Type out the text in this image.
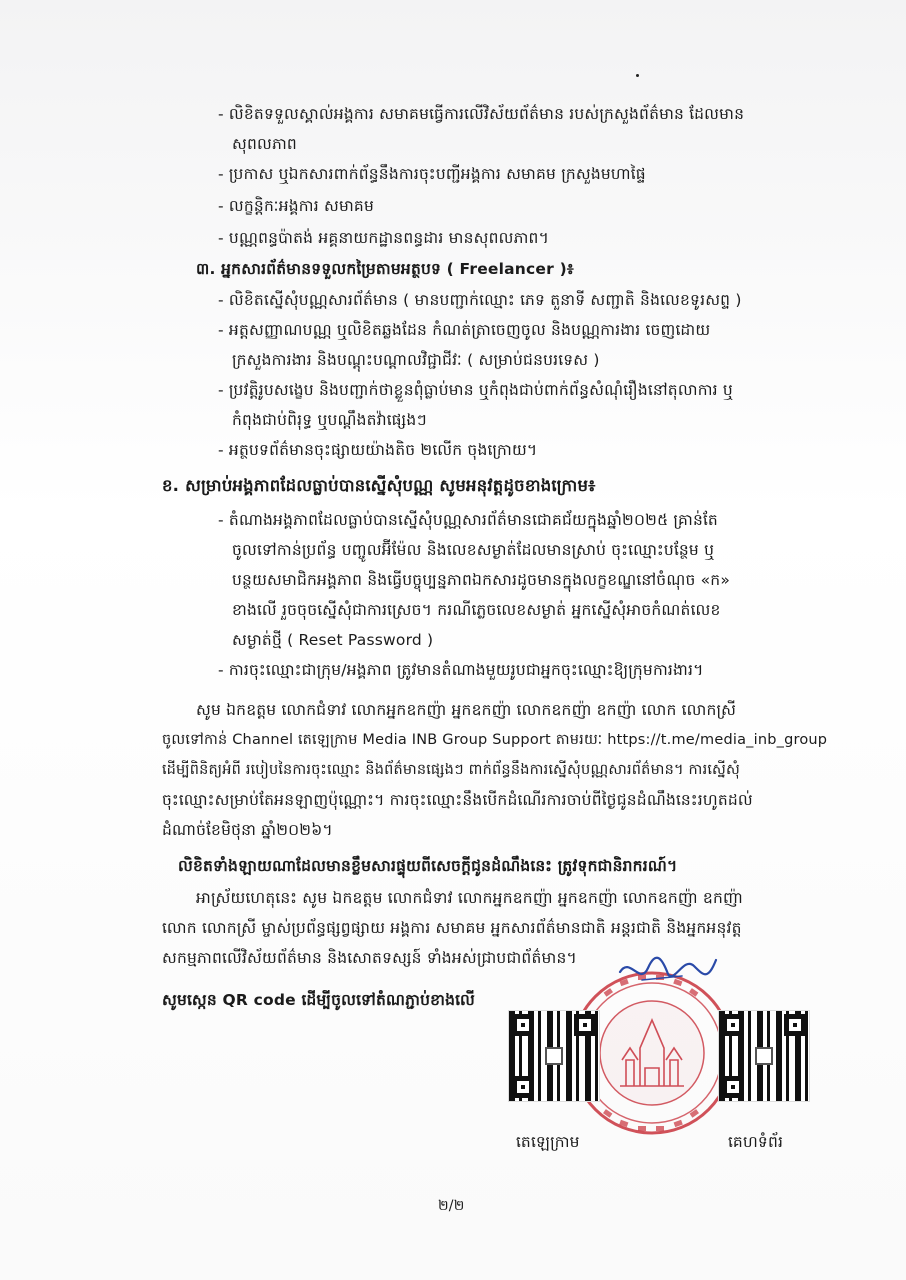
- លិខិតទទួលស្គាល់អង្គការ សមាគមធ្វើការលើវិស័យព័ត៌មាន របស់ក្រសួងព័ត៌មាន ដែលមាន

សុពលភាព

- ប្រកាស ឬឯកសារពាក់ព័ន្ធនឹងការចុះបញ្ជីអង្គការ សមាគម ក្រសួងមហាផ្ទៃ

- លក្ខន្តិកៈអង្គការ សមាគម

- បណ្ណពន្ធប៉ាតង់ អគ្គនាយកដ្ឋានពន្ធដារ មានសុពលភាព។

៣. អ្នកសារព័ត៌មានទទួលកម្រៃតាមអត្ថបទ ( Freelancer )៖

- លិខិតស្នើសុំបណ្ណសារព័ត៌មាន ( មានបញ្ជាក់ឈ្មោះ ភេទ តួនាទី សញ្ជាតិ និងលេខទូរសព្ទ )

- អត្តសញ្ញាណបណ្ណ ឬលិខិតឆ្លងដែន កំណត់ត្រាចេញចូល និងបណ្ណការងារ ចេញដោយ

ក្រសួងការងារ និងបណ្តុះបណ្តាលវិជ្ជាជីវៈ ( សម្រាប់ជនបរទេស )

- ប្រវត្តិរូបសង្ខេប និងបញ្ជាក់ថាខ្លួនពុំធ្លាប់មាន ឬកំពុងជាប់ពាក់ព័ន្ធសំណុំរឿងនៅតុលាការ ឬ

កំពុងជាប់ពិរុទ្ធ ឬបណ្តឹងតវ៉ាផ្សេងៗ

- អត្ថបទព័ត៌មានចុះផ្សាយយ៉ាងតិច ២លើក ចុងក្រោយ។

ខ. សម្រាប់អង្គភាពដែលធ្លាប់បានស្នើសុំបណ្ណ សូមអនុវត្តដូចខាងក្រោម៖

- តំណាងអង្គភាពដែលធ្លាប់បានស្នើសុំបណ្ណសារព័ត៌មានជោគជ័យក្នុងឆ្នាំ២០២៥ គ្រាន់តែ

ចូលទៅកាន់ប្រព័ន្ធ បញ្ចូលអ៊ីម៉ែល និងលេខសម្ងាត់ដែលមានស្រាប់ ចុះឈ្មោះបន្ថែម ឬ

បន្ថយសមាជិកអង្គភាព និងធ្វើបច្ចុប្បន្នភាពឯកសារដូចមានក្នុងលក្ខខណ្ឌនៅចំណុច «ក»

ខាងលើ រួចចុចស្នើសុំជាការស្រេច។ ករណីភ្លេចលេខសម្ងាត់ អ្នកស្នើសុំអាចកំណត់លេខ

សម្ងាត់ថ្មី ( Reset Password )

- ការចុះឈ្មោះជាក្រុម/អង្គភាព ត្រូវមានតំណាងមួយរូបជាអ្នកចុះឈ្មោះឱ្យក្រុមការងារ។

សូម ឯកឧត្តម លោកជំទាវ លោកអ្នកឧកញ៉ា អ្នកឧកញ៉ា លោកឧកញ៉ា ឧកញ៉ា លោក លោកស្រី

ចូលទៅកាន់ Channel តេឡេក្រាម Media INB Group Support តាមរយៈ https://t.me/media_inb_group

ដើម្បីពិនិត្យអំពី របៀបនៃការចុះឈ្មោះ និងព័ត៌មានផ្សេងៗ ពាក់ព័ន្ធនឹងការស្នើសុំបណ្ណសារព័ត៌មាន។ ការស្នើសុំ

ចុះឈ្មោះសម្រាប់តែអនឡាញប៉ុណ្ណោះ។ ការចុះឈ្មោះនឹងបើកដំណើរការចាប់ពីថ្ងៃជូនដំណឹងនេះរហូតដល់

ដំណាច់ខែមិថុនា ឆ្នាំ២០២៦។

លិខិតទាំងឡាយណាដែលមានខ្លឹមសារផ្ទុយពីសេចក្តីជូនដំណឹងនេះ ត្រូវទុកជានិរាករណ៍។

អាស្រ័យហេតុនេះ សូម ឯកឧត្តម លោកជំទាវ លោកអ្នកឧកញ៉ា អ្នកឧកញ៉ា លោកឧកញ៉ា ឧកញ៉ា

លោក លោកស្រី ម្ចាស់ប្រព័ន្ធផ្សព្វផ្សាយ អង្គការ សមាគម អ្នកសារព័ត៌មានជាតិ អន្តរជាតិ និងអ្នកអនុវត្ត

សកម្មភាពលើវិស័យព័ត៌មាន និងសោតទស្សន៍ ទាំងអស់ជ្រាបជាព័ត៌មាន។

សូមស្កេន QR code ដើម្បីចូលទៅតំណភ្ជាប់ខាងលើ

តេឡេក្រាម	គេហទំព័រ

២/២
